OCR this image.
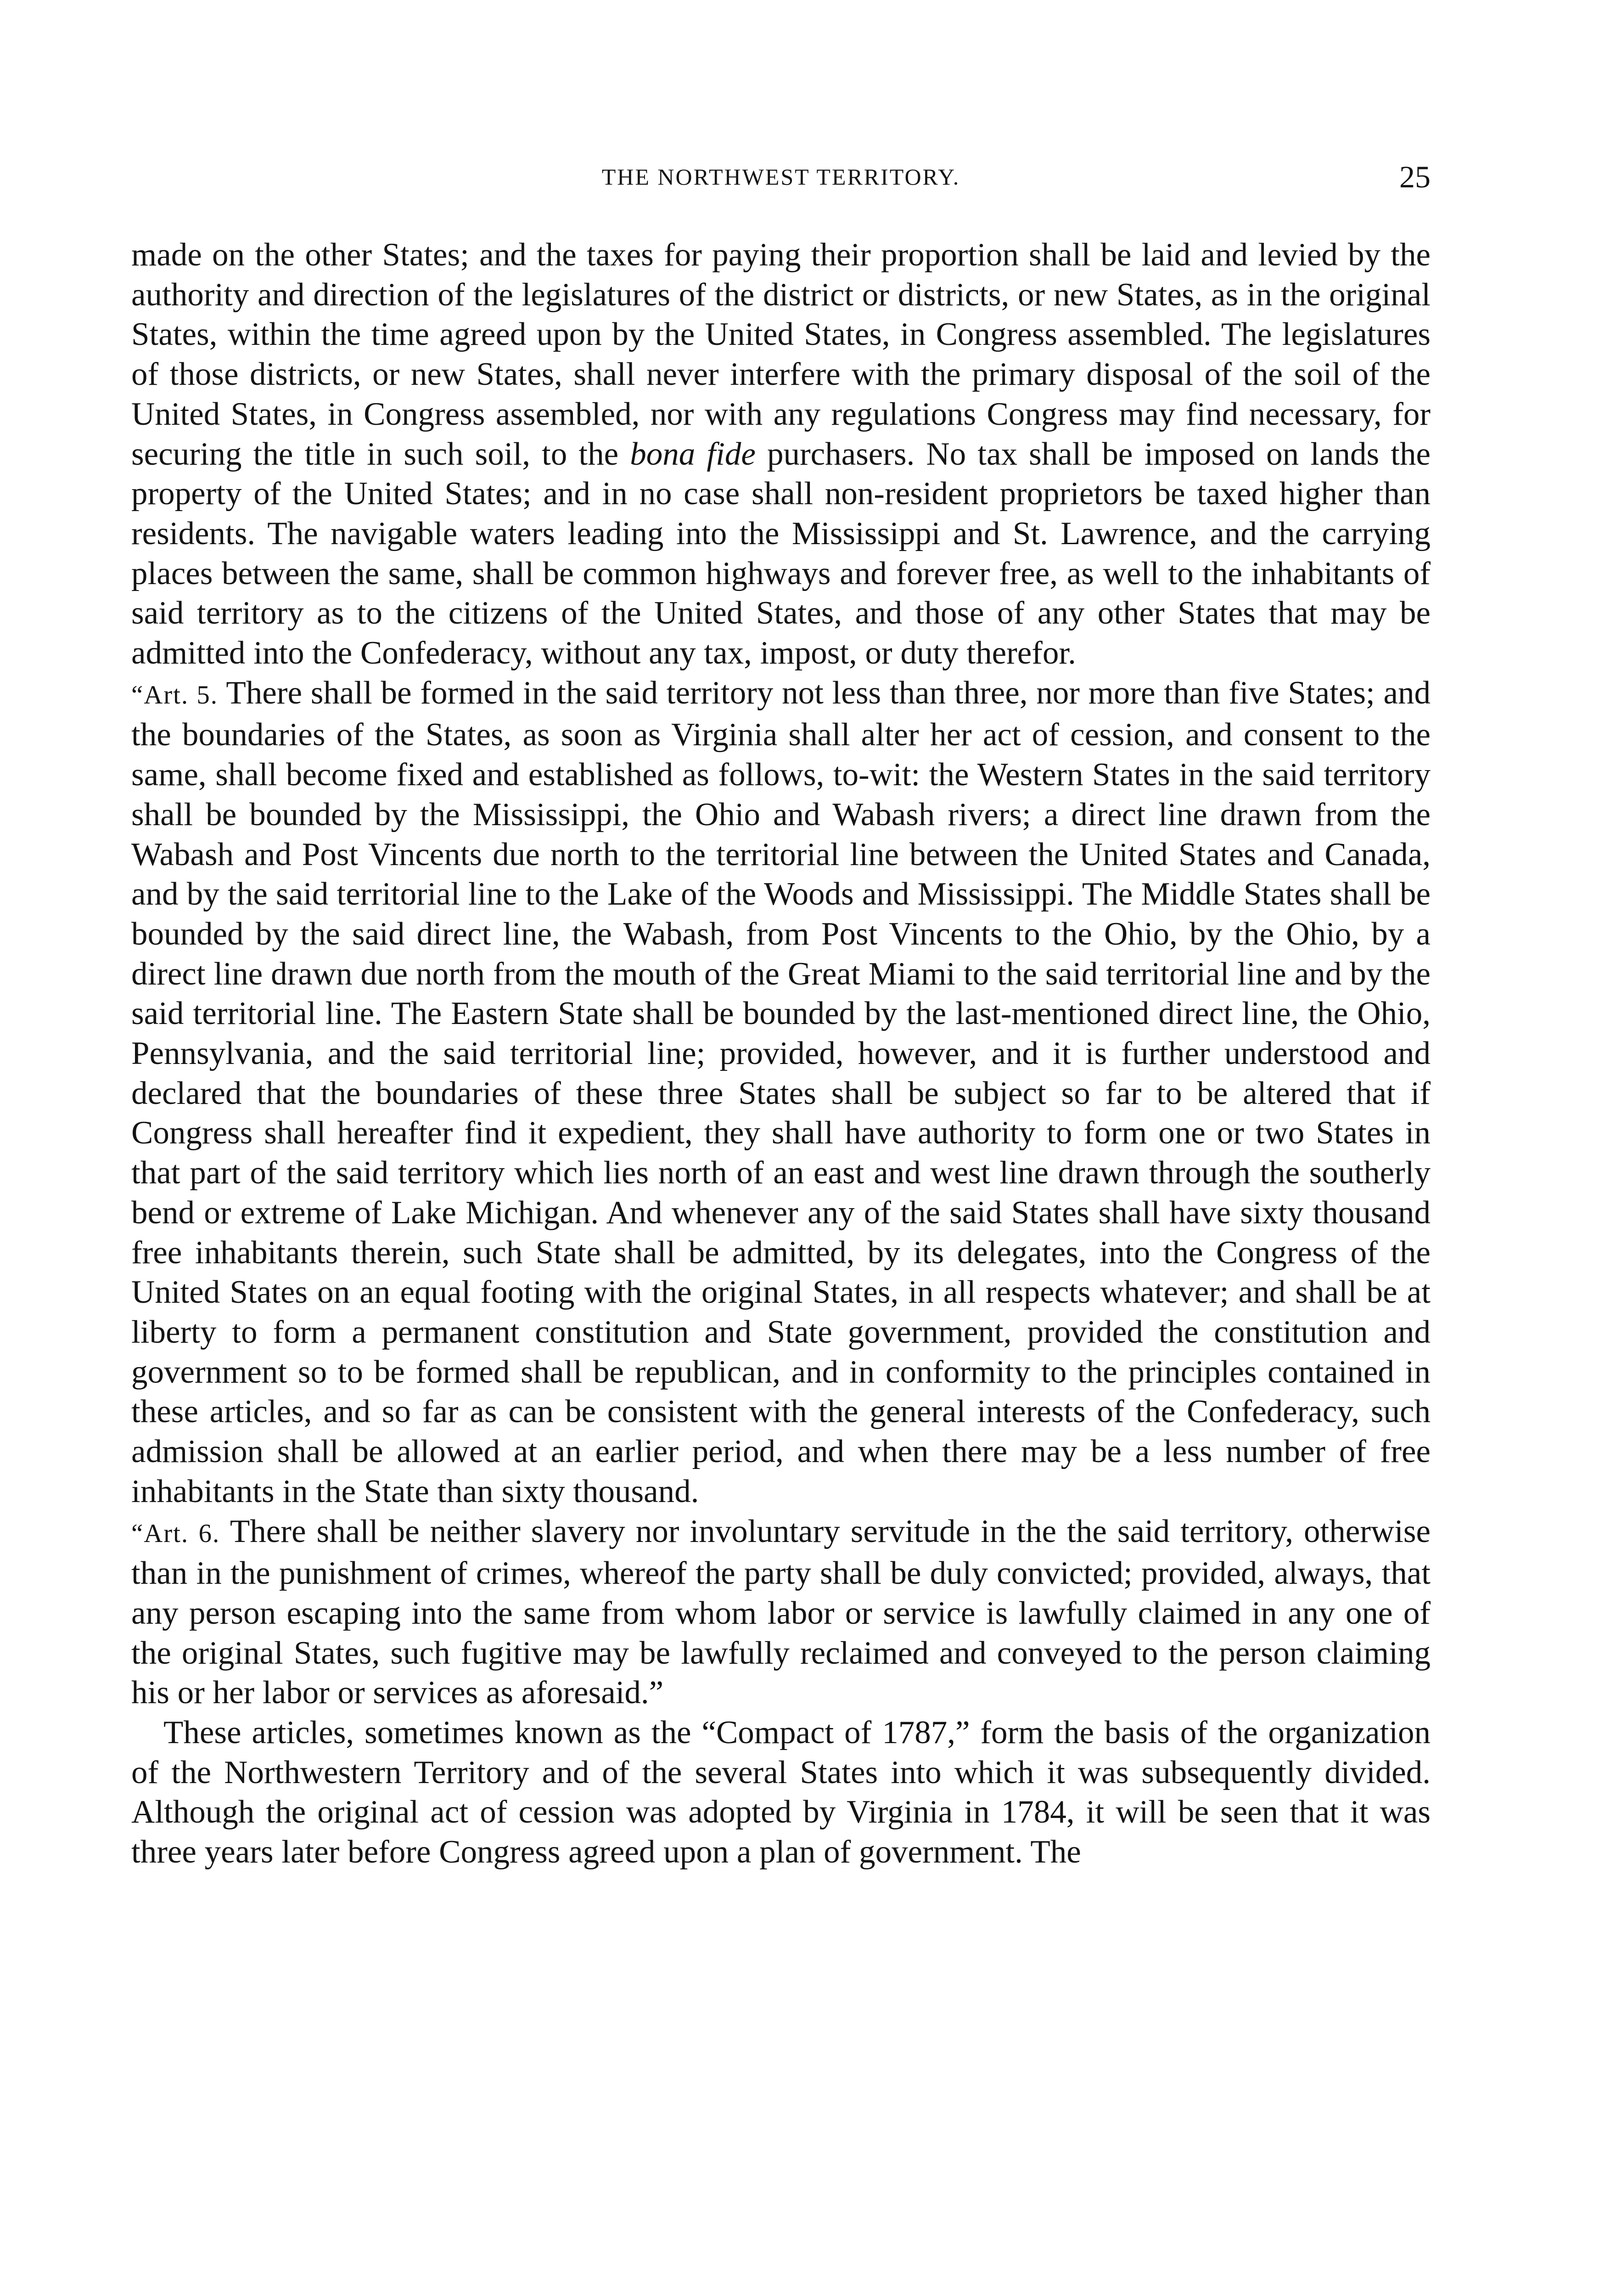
THE NORTHWEST TERRITORY.	25

made on the other States; and the taxes for paying their proportion shall be laid and levied by the authority and direction of the legislatures of the district or districts, or new States, as in the original States, within the time agreed upon by the United States, in Congress assembled. The legislatures of those districts, or new States, shall never interfere with the primary disposal of the soil of the United States, in Congress assembled, nor with any regulations Congress may find necessary, for securing the title in such soil, to the bona fide purchasers. No tax shall be imposed on lands the property of the United States; and in no case shall non-resident proprietors be taxed higher than residents. The navigable waters leading into the Mississippi and St. Lawrence, and the carrying places between the same, shall be common highways and forever free, as well to the inhabitants of said territory as to the citizens of the United States, and those of any other States that may be admitted into the Confederacy, without any tax, impost, or duty therefor.

“Art. 5. There shall be formed in the said territory not less than three, nor more than five States; and the boundaries of the States, as soon as Virginia shall alter her act of cession, and consent to the same, shall become fixed and established as follows, to-wit: the Western States in the said territory shall be bounded by the Mississippi, the Ohio and Wabash rivers; a direct line drawn from the Wabash and Post Vincents due north to the territorial line between the United States and Canada, and by the said territorial line to the Lake of the Woods and Mississippi. The Middle States shall be bounded by the said direct line, the Wabash, from Post Vincents to the Ohio, by the Ohio, by a direct line drawn due north from the mouth of the Great Miami to the said territorial line and by the said territorial line. The Eastern State shall be bounded by the last-mentioned direct line, the Ohio, Pennsylvania, and the said territorial line; provided, however, and it is further understood and declared that the boundaries of these three States shall be subject so far to be altered that if Congress shall hereafter find it expedient, they shall have authority to form one or two States in that part of the said territory which lies north of an east and west line drawn through the southerly bend or extreme of Lake Michigan. And whenever any of the said States shall have sixty thousand free inhabitants therein, such State shall be admitted, by its delegates, into the Congress of the United States on an equal footing with the original States, in all respects whatever; and shall be at liberty to form a permanent constitution and State government, provided the constitution and government so to be formed shall be republican, and in conformity to the principles contained in these articles, and so far as can be consistent with the general interests of the Confederacy, such admission shall be allowed at an earlier period, and when there may be a less number of free inhabitants in the State than sixty thousand.

“Art. 6. There shall be neither slavery nor involuntary servitude in the the said territory, otherwise than in the punishment of crimes, whereof the party shall be duly convicted; provided, always, that any person escaping into the same from whom labor or service is lawfully claimed in any one of the original States, such fugitive may be lawfully reclaimed and conveyed to the person claiming his or her labor or services as aforesaid.”

These articles, sometimes known as the “Compact of 1787,” form the basis of the organization of the Northwestern Territory and of the several States into which it was subsequently divided. Although the original act of cession was adopted by Virginia in 1784, it will be seen that it was three years later before Congress agreed upon a plan of government. The
